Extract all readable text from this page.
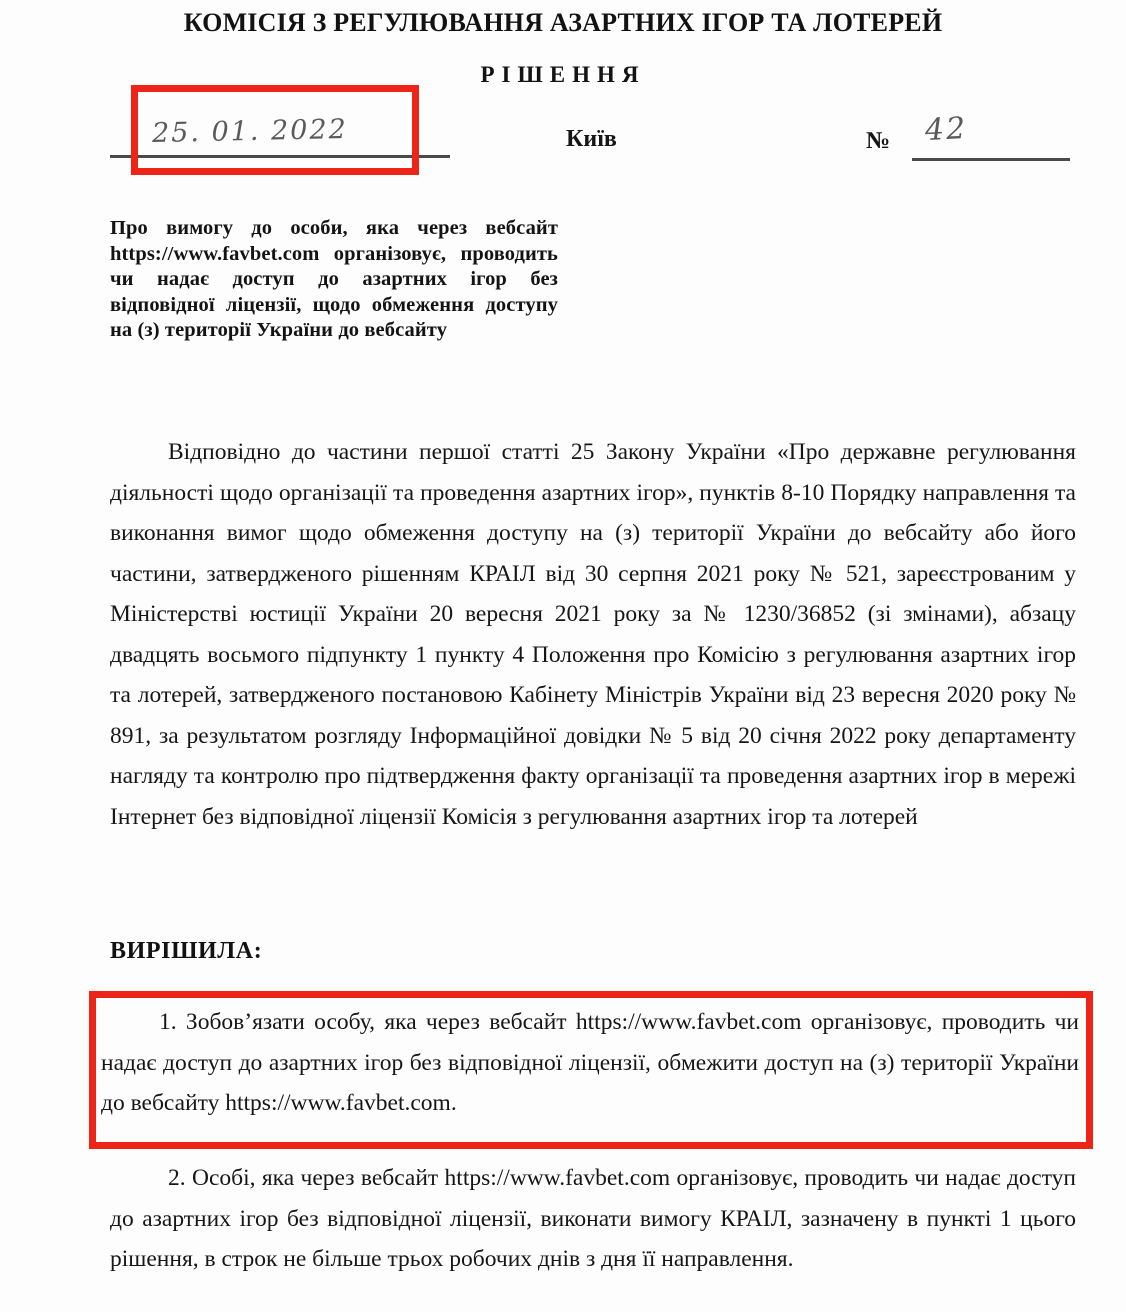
КОМІСІЯ З РЕГУЛЮВАННЯ АЗАРТНИХ ІГОР ТА ЛОТЕРЕЙ
РІШЕННЯ
25. 01. 2022	Київ	№ 42
Про вимогу до особи, яка через вебсайт https://www.favbet.com організовує, проводить чи надає доступ до азартних ігор без відповідної ліцензії, щодо обмеження доступу на (з) території України до вебсайту
Відповідно до частини першої статті 25 Закону України «Про державне регулювання діяльності щодо організації та проведення азартних ігор», пунктів 8-10 Порядку направлення та виконання вимог щодо обмеження доступу на (з) території України до вебсайту або його частини, затвердженого рішенням КРАІЛ від 30 серпня 2021 року № 521, зареєстрованим у Міністерстві юстиції України 20 вересня 2021 року за № 1230/36852 (зі змінами), абзацу двадцять восьмого підпункту 1 пункту 4 Положення про Комісію з регулювання азартних ігор та лотерей, затвердженого постановою Кабінету Міністрів України від 23 вересня 2020 року № 891, за результатом розгляду Інформаційної довідки № 5 від 20 січня 2022 року департаменту нагляду та контролю про підтвердження факту організації та проведення азартних ігор в мережі Інтернет без відповідної ліцензії Комісія з регулювання азартних ігор та лотерей
ВИРІШИЛА:
1. Зобов’язати особу, яка через вебсайт https://www.favbet.com організовує, проводить чи надає доступ до азартних ігор без відповідної ліцензії, обмежити доступ на (з) території України до вебсайту https://www.favbet.com.
2. Особі, яка через вебсайт https://www.favbet.com організовує, проводить чи надає доступ до азартних ігор без відповідної ліцензії, виконати вимогу КРАІЛ, зазначену в пункті 1 цього рішення, в строк не більше трьох робочих днів з дня її направлення.
